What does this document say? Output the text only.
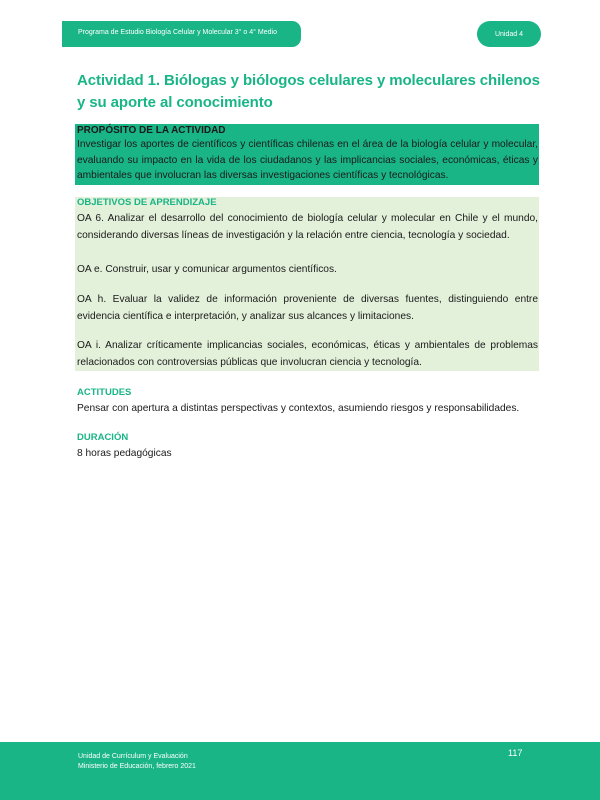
Programa de Estudio Biología Celular y Molecular 3° o 4° Medio	Unidad 4
Actividad 1. Biólogas y biólogos celulares y moleculares chilenos y su aporte al conocimiento
PROPÓSITO DE LA ACTIVIDAD
Investigar los aportes de científicos y científicas chilenas en el área de la biología celular y molecular, evaluando su impacto en la vida de los ciudadanos y las implicancias sociales, económicas, éticas y ambientales que involucran las diversas investigaciones científicas y tecnológicas.
OBJETIVOS DE APRENDIZAJE
OA 6. Analizar el desarrollo del conocimiento de biología celular y molecular en Chile y el mundo, considerando diversas líneas de investigación y la relación entre ciencia, tecnología y sociedad.
OA e. Construir, usar y comunicar argumentos científicos.
OA h. Evaluar la validez de información proveniente de diversas fuentes, distinguiendo entre evidencia científica e interpretación, y analizar sus alcances y limitaciones.
OA i. Analizar críticamente implicancias sociales, económicas, éticas y ambientales de problemas relacionados con controversias públicas que involucran ciencia y tecnología.
ACTITUDES
Pensar con apertura a distintas perspectivas y contextos, asumiendo riesgos y responsabilidades.
DURACIÓN
8 horas pedagógicas
Unidad de Currículum y Evaluación
Ministerio de Educación, febrero 2021
117
